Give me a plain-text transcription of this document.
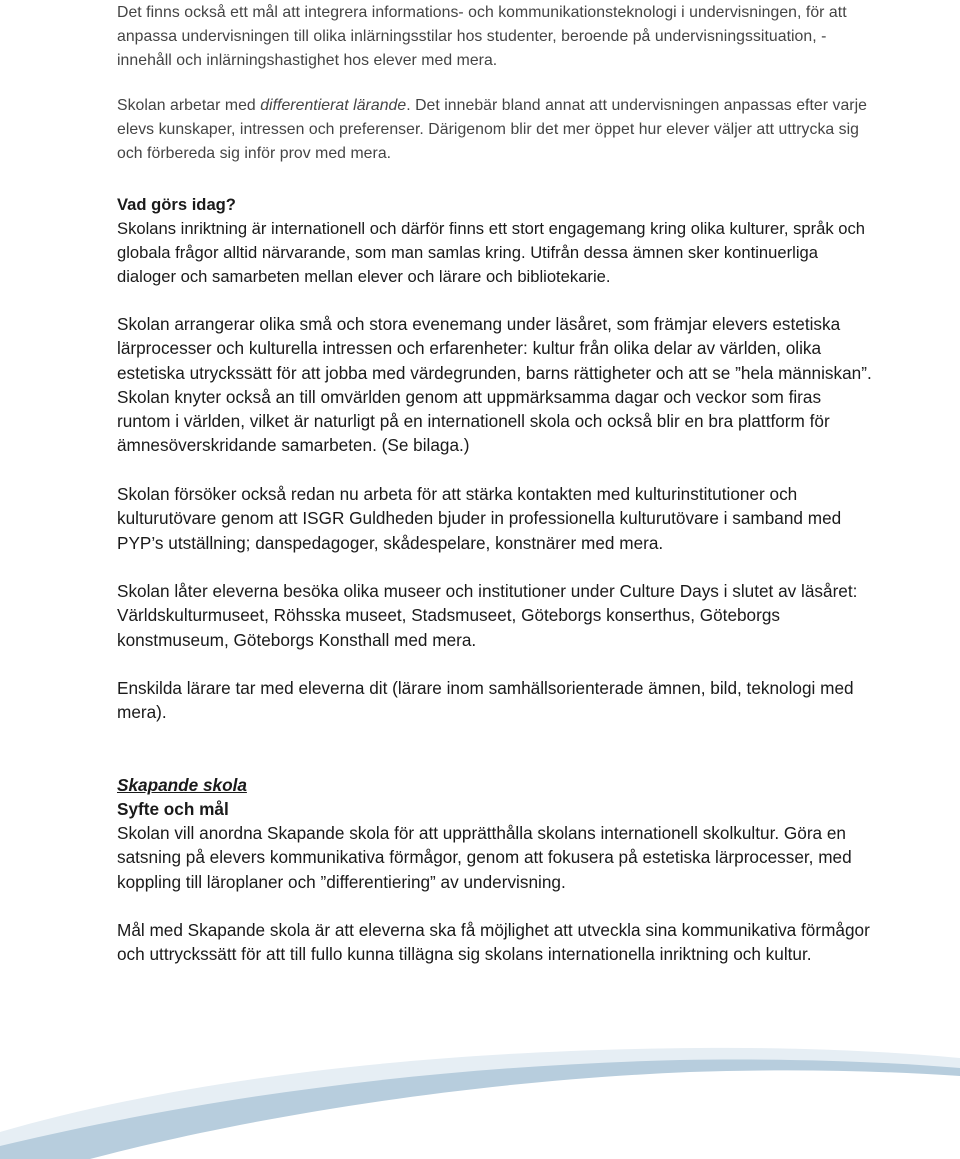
Det finns också ett mål att integrera informations- och kommunikationsteknologi i undervisningen, för att anpassa undervisningen till olika inlärningsstilar hos studenter, beroende på undervisningssituation, -innehåll och inlärningshastighet hos elever med mera.

Skolan arbetar med differentierat lärande. Det innebär bland annat att undervisningen anpassas efter varje elevs kunskaper, intressen och preferenser. Därigenom blir det mer öppet hur elever väljer att uttrycka sig och förbereda sig inför prov med mera.

Vad görs idag?

Skolans inriktning är internationell och därför finns ett stort engagemang kring olika kulturer, språk och globala frågor alltid närvarande, som man samlas kring. Utifrån dessa ämnen sker kontinuerliga dialoger och samarbeten mellan elever och lärare och bibliotekarie.

Skolan arrangerar olika små och stora evenemang under läsåret, som främjar elevers estetiska lärprocesser och kulturella intressen och erfarenheter: kultur från olika delar av världen, olika estetiska utryckssätt för att jobba med värdegrunden, barns rättigheter och att se ”hela människan”. Skolan knyter också an till omvärlden genom att uppmärksamma dagar och veckor som firas runtom i världen, vilket är naturligt på en internationell skola och också blir en bra plattform för ämnesöverskridande samarbeten. (Se bilaga.)

Skolan försöker också redan nu arbeta för att stärka kontakten med kulturinstitutioner och kulturutövare genom att ISGR Guldheden bjuder in professionella kulturutövare i samband med PYP’s utställning; danspedagoger, skådespelare, konstnärer med mera.

Skolan låter eleverna besöka olika museer och institutioner under Culture Days i slutet av läsåret: Världskulturmuseet, Röhsska museet, Stadsmuseet, Göteborgs konserthus, Göteborgs konstmuseum, Göteborgs Konsthall med mera.

Enskilda lärare tar med eleverna dit (lärare inom samhällsorienterade ämnen, bild, teknologi med mera).

Skapande skola

Syfte och mål

Skolan vill anordna Skapande skola för att upprätthålla skolans internationell skolkultur. Göra en satsning på elevers kommunikativa förmågor, genom att fokusera på estetiska lärprocesser, med koppling till läroplaner och ”differentiering” av undervisning.

Mål med Skapande skola är att eleverna ska få möjlighet att utveckla sina kommunikativa förmågor och uttryckssätt för att till fullo kunna tillägna sig skolans internationella inriktning och kultur.
